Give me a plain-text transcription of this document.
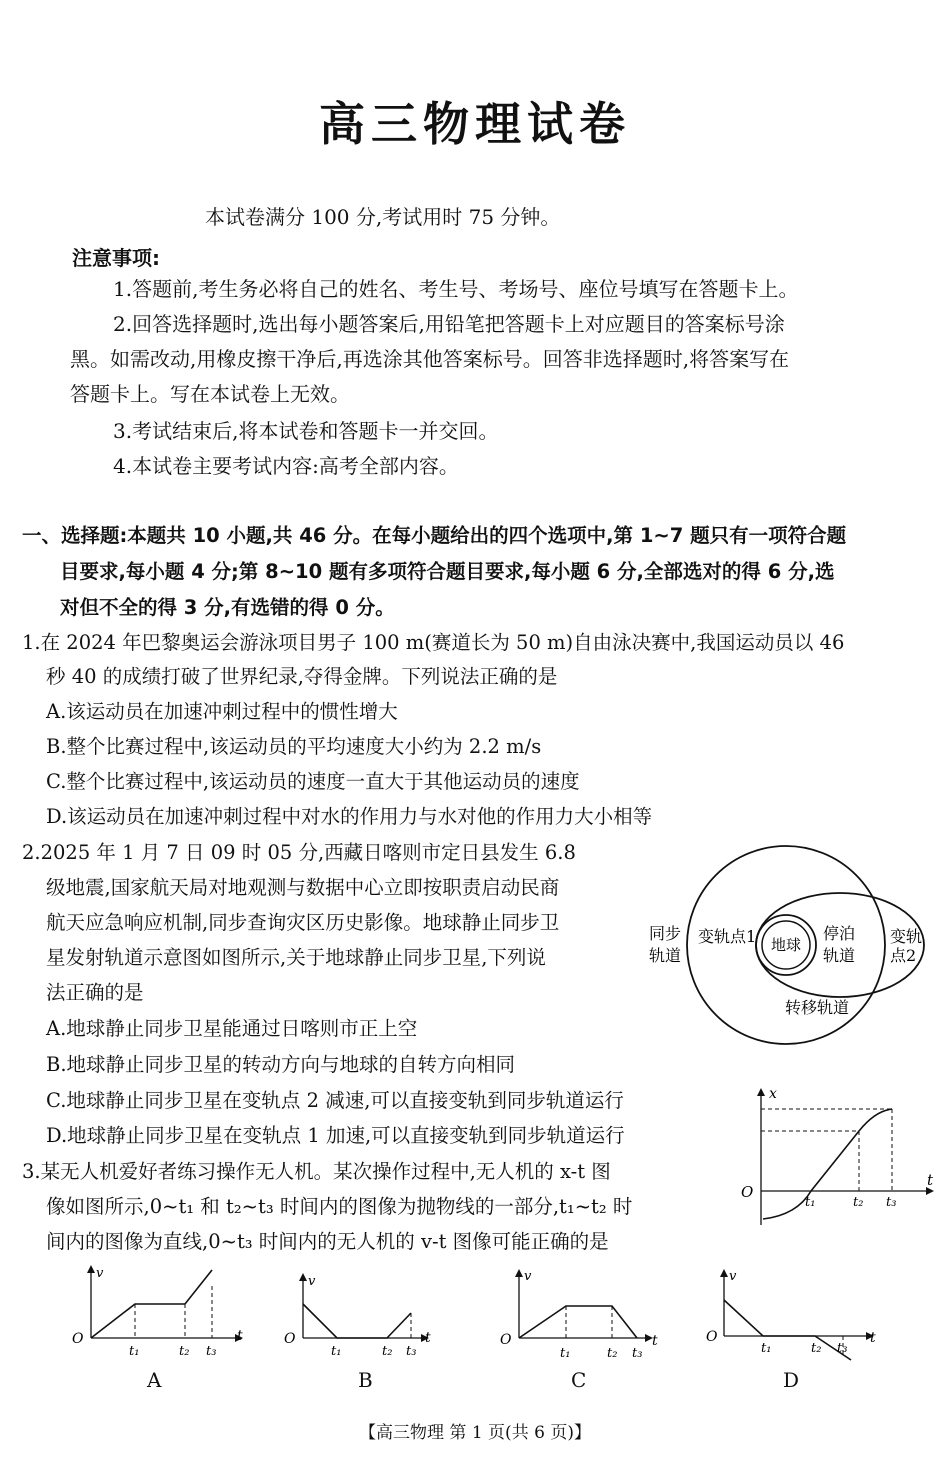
高三物理试卷
本试卷满分 100 分,考试用时 75 分钟。
注意事项:
1.答题前,考生务必将自己的姓名、考生号、考场号、座位号填写在答题卡上。
2.回答选择题时,选出每小题答案后,用铅笔把答题卡上对应题目的答案标号涂
黑。如需改动,用橡皮擦干净后,再选涂其他答案标号。回答非选择题时,将答案写在
答题卡上。写在本试卷上无效。
3.考试结束后,将本试卷和答题卡一并交回。
4.本试卷主要考试内容:高考全部内容。
一、选择题:本题共 10 小题,共 46 分。在每小题给出的四个选项中,第 1~7 题只有一项符合题
目要求,每小题 4 分;第 8~10 题有多项符合题目要求,每小题 6 分,全部选对的得 6 分,选
对但不全的得 3 分,有选错的得 0 分。
1.在 2024 年巴黎奥运会游泳项目男子 100 m(赛道长为 50 m)自由泳决赛中,我国运动员以 46
秒 40 的成绩打破了世界纪录,夺得金牌。下列说法正确的是
A.该运动员在加速冲刺过程中的惯性增大
B.整个比赛过程中,该运动员的平均速度大小约为 2.2 m/s
C.整个比赛过程中,该运动员的速度一直大于其他运动员的速度
D.该运动员在加速冲刺过程中对水的作用力与水对他的作用力大小相等
2.2025 年 1 月 7 日 09 时 05 分,西藏日喀则市定日县发生 6.8
级地震,国家航天局对地观测与数据中心立即按职责启动民商
航天应急响应机制,同步查询灾区历史影像。地球静止同步卫
星发射轨道示意图如图所示,关于地球静止同步卫星,下列说
法正确的是
A.地球静止同步卫星能通过日喀则市正上空
B.地球静止同步卫星的转动方向与地球的自转方向相同
C.地球静止同步卫星在变轨点 2 减速,可以直接变轨到同步轨道运行
D.地球静止同步卫星在变轨点 1 加速,可以直接变轨到同步轨道运行
地球
变轨点1	停泊
轨道
转移轨道
同步
轨道
变轨
点2
x
t
O
t₁	t₂ t₃
3.某无人机爱好者练习操作无人机。某次操作过程中,无人机的 x-t 图
像如图所示,0~t₁ 和 t₂~t₃ 时间内的图像为抛物线的一部分,t₁~t₂ 时
间内的图像为直线,0~t₃ 时间内的无人机的 v-t 图像可能正确的是
v
t
O
t₁	t₂ t₃
A
v
t
O
t₁	t₂ t₃
B
v
t
O
t₁	t₂ t₃
C
v
t
O
t₁	t₂ t₃
D
【高三物理 第 1 页(共 6 页)】
